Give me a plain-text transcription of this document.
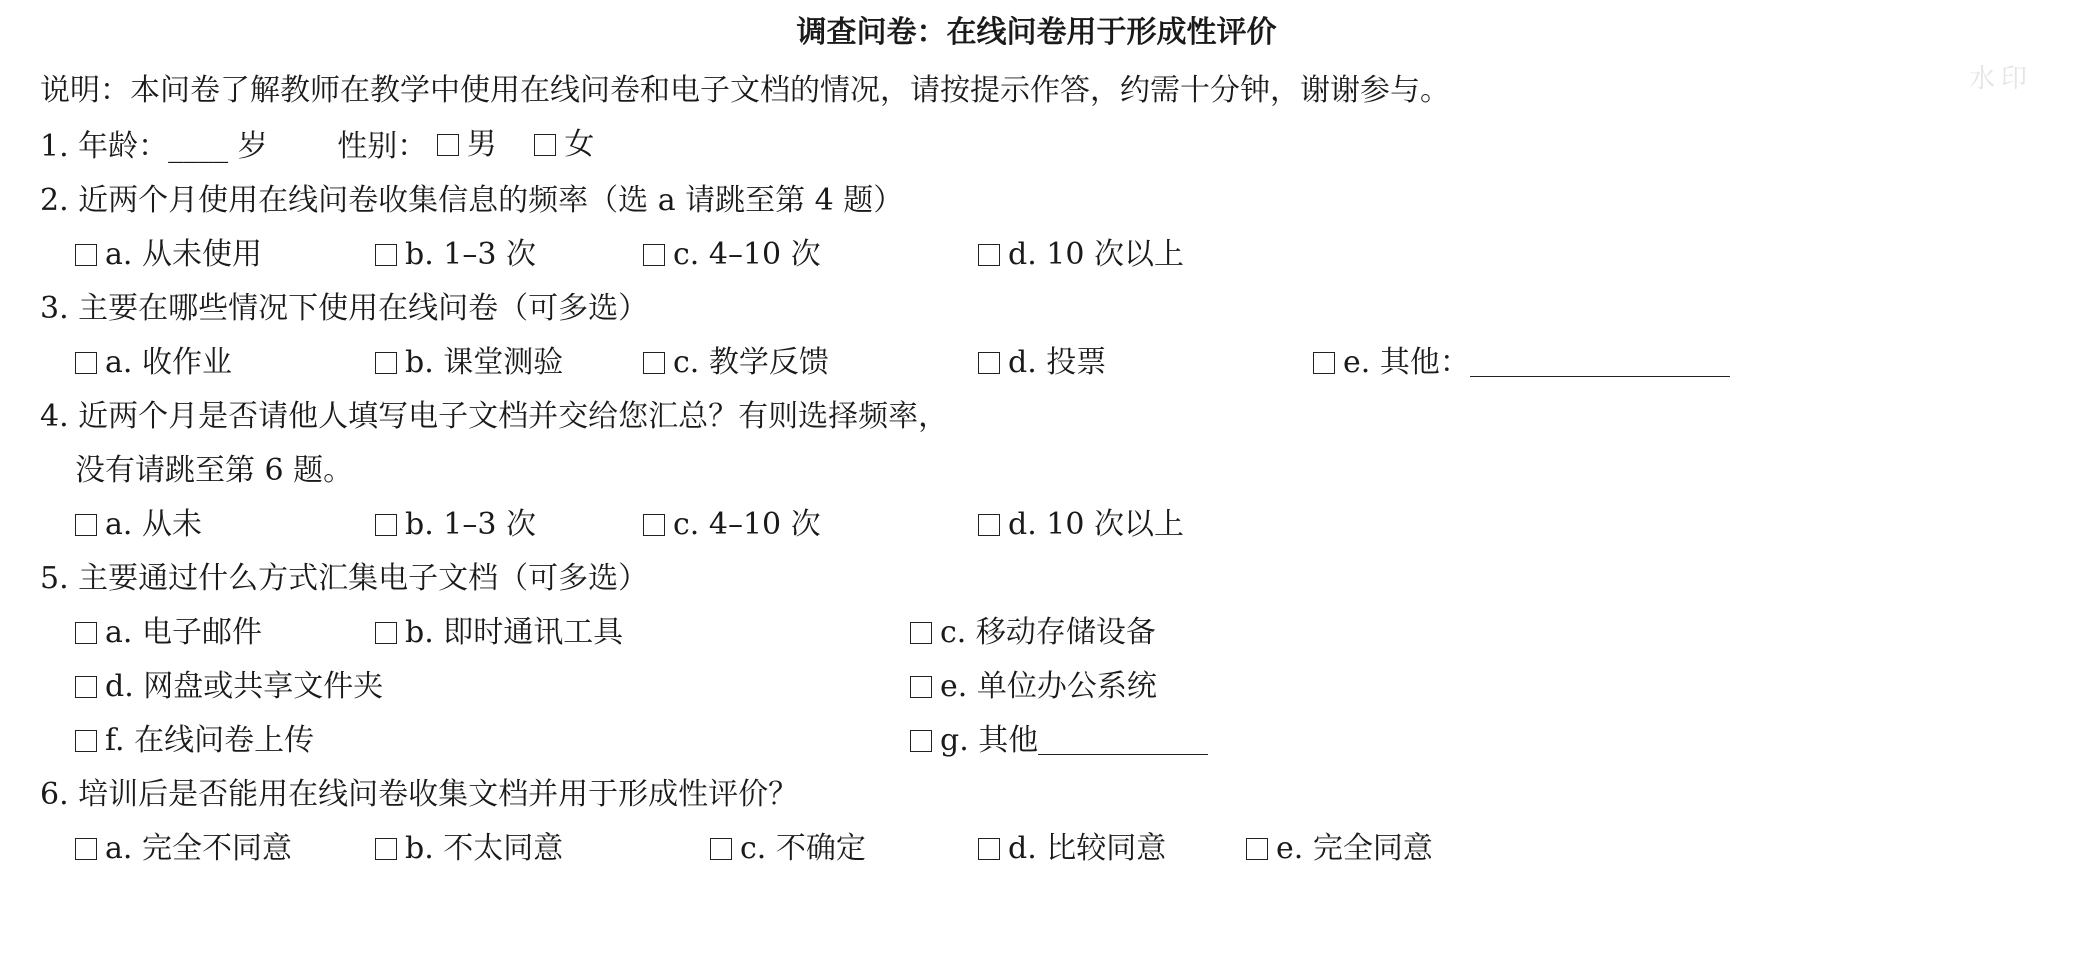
调查问卷：在线问卷用于形成性评价
水印
说明：本问卷了解教师在教学中使用在线问卷和电子文档的情况，请按提示作答，约需十分钟，谢谢参与。
1. 年龄：____ 岁 性别： 男
女
2. 近两个月使用在线问卷收集信息的频率（选 a 请跳至第 4 题）
a. 从未使用	b. 1–3 次	c. 4–10 次	d. 10 次以上
3. 主要在哪些情况下使用在线问卷（可多选）
a. 收作业	b. 课堂测验	c. 教学反馈	d. 投票	e. 其他：
4. 近两个月是否请他人填写电子文档并交给您汇总？有则选择频率，
没有请跳至第 6 题。
a. 从未	b. 1–3 次	c. 4–10 次	d. 10 次以上
5. 主要通过什么方式汇集电子文档（可多选）
a. 电子邮件	b. 即时通讯工具	c. 移动存储设备
d. 网盘或共享文件夹	e. 单位办公系统
f. 在线问卷上传	g. 其他
6. 培训后是否能用在线问卷收集文档并用于形成性评价？
a. 完全不同意	b. 不太同意	c. 不确定	d. 比较同意	e. 完全同意
